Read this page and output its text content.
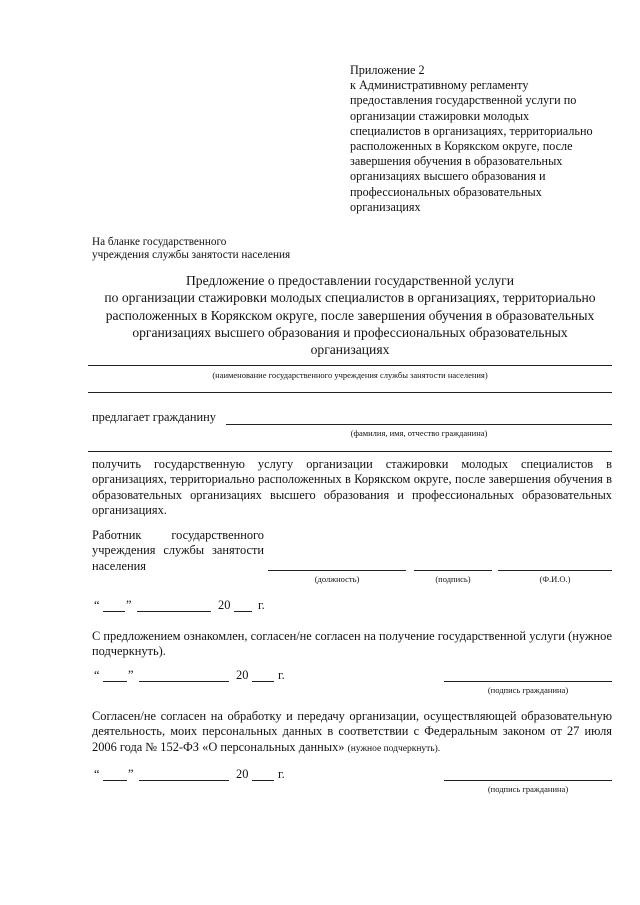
Приложение 2
к Административному регламенту
предоставления государственной услуги по
организации стажировки молодых
специалистов в организациях, территориально
расположенных в Корякском округе, после
завершения обучения в образовательных
организациях высшего образования и
профессиональных образовательных
организациях
На бланке государственного
учреждения службы занятости населения
Предложение о предоставлении государственной услуги
по организации стажировки молодых специалистов в организациях, территориально
расположенных в Корякском округе, после завершения обучения в образовательных
организациях высшего образования и профессиональных образовательных
организациях
(наименование государственного учреждения службы занятости населения)
предлагает гражданину
(фамилия, имя, отчество гражданина)
получить государственную услугу организации стажировки молодых специалистов в организациях, территориально расположенных в Корякском округе, после завершения обучения в образовательных организациях высшего образования и профессиональных образовательных организациях.
Работник государственного учреждения службы занятости населения
(должность)	(подпись)	(Ф.И.О.)
“ ”	20 г.
С предложением ознакомлен, согласен/не согласен на получение государственной услуги (нужное подчеркнуть).
“ ”	20 г.
(подпись гражданина)
Согласен/не согласен на обработку и передачу организации, осуществляющей образовательную деятельность, моих персональных данных в соответствии с Федеральным законом от 27 июля 2006 года № 152-ФЗ «О персональных данных» (нужное подчеркнуть).
“ ”	20 г.
(подпись гражданина)
